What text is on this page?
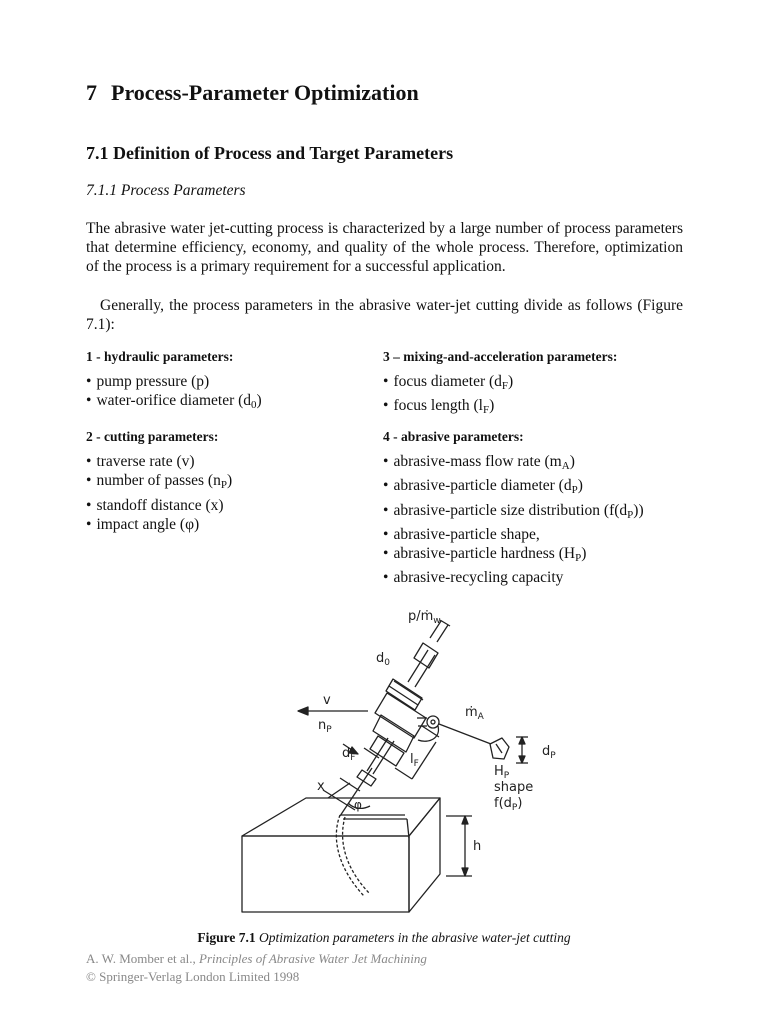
7 Process-Parameter Optimization
7.1 Definition of Process and Target Parameters
7.1.1 Process Parameters
The abrasive water jet-cutting process is characterized by a large number of process parameters that determine efficiency, economy, and quality of the whole process. Therefore, optimization of the process is a primary requirement for a successful application.
Generally, the process parameters in the abrasive water-jet cutting divide as follows (Figure 7.1):
1 - hydraulic parameters:
• pump pressure (p)
• water-orifice diameter $(d_0)$
2 - cutting parameters:
• traverse rate (v)
• number of passes $(n_P)$
• standoff distance (x)
• impact angle (φ)
3 – mixing-and-acceleration parameters:
• focus diameter $(d_F)$
• focus length $(l_F)$
4 - abrasive parameters:
• abrasive-mass flow rate $(m_A)$
• abrasive-particle diameter $(d_P)$
• abrasive-particle size distribution $(f(d_P))$
• abrasive-particle shape,
• abrasive-particle hardness $(H_P)$
• abrasive-recycling capacity
p/ṁ$_w$
$d_0$
v
$n_P$
ṁ$_A$
$d_F$	$l_F$
$d_P$
$H_P$
shape
$f(d_P)$
x
φ
h
Figure 7.1 Optimization parameters in the abrasive water-jet cutting
A. W. Momber et al., Principles of Abrasive Water Jet Machining
© Springer-Verlag London Limited 1998
